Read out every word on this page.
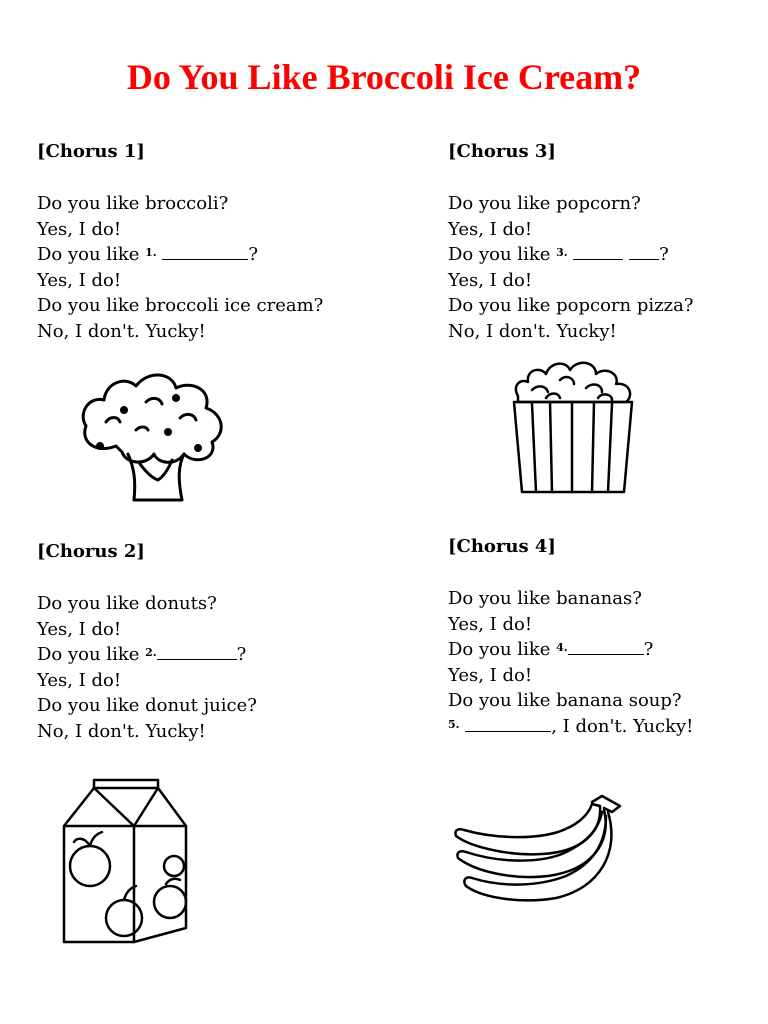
Do You Like Broccoli Ice Cream?
[Chorus 1]
Do you like broccoli?
Yes, I do!
Do you like $^{1.}$	?
Yes, I do!
Do you like broccoli ice cream?
No, I don't. Yucky!
[Chorus 3]
Do you like popcorn?
Yes, I do!
Do you like $^{3.}$	?
Yes, I do!
Do you like popcorn pizza?
No, I don't. Yucky!
[Chorus 2]
Do you like donuts?
Yes, I do!
Do you like $^{2.}$	?
Yes, I do!
Do you like donut juice?
No, I don't. Yucky!
[Chorus 4]
Do you like bananas?
Yes, I do!
Do you like $^{4.}$	?
Yes, I do!
Do you like banana soup?
$^{5.}$	, I don't. Yucky!
